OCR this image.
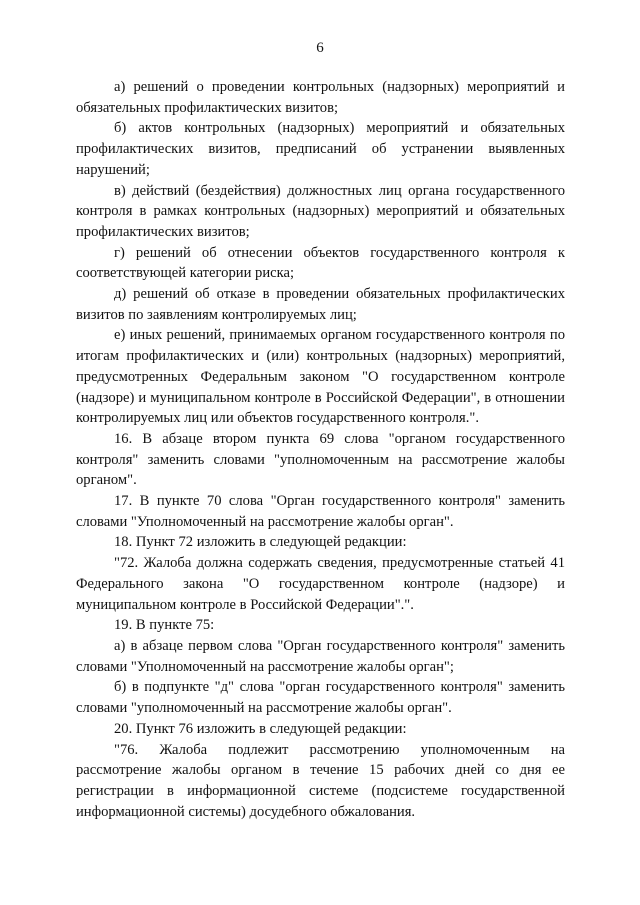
6

а) решений о проведении контрольных (надзорных) мероприятий и обязательных профилактических визитов;

б) актов контрольных (надзорных) мероприятий и обязательных профилактических визитов, предписаний об устранении выявленных нарушений;

в) действий (бездействия) должностных лиц органа государственного контроля в рамках контрольных (надзорных) мероприятий и обязательных профилактических визитов;

г) решений об отнесении объектов государственного контроля к соответствующей категории риска;

д) решений об отказе в проведении обязательных профилактических визитов по заявлениям контролируемых лиц;

е) иных решений, принимаемых органом государственного контроля по итогам профилактических и (или) контрольных (надзорных) мероприятий, предусмотренных Федеральным законом "О государственном контроле (надзоре) и муниципальном контроле в Российской Федерации", в отношении контролируемых лиц или объектов государственного контроля.".

16. В абзаце втором пункта 69 слова "органом государственного контроля" заменить словами "уполномоченным на рассмотрение жалобы органом".

17. В пункте 70 слова "Орган государственного контроля" заменить словами "Уполномоченный на рассмотрение жалобы орган".

18. Пункт 72 изложить в следующей редакции:

"72. Жалоба должна содержать сведения, предусмотренные статьей 41 Федерального закона "О государственном контроле (надзоре) и муниципальном контроле в Российской Федерации".".

19. В пункте 75:

а) в абзаце первом слова "Орган государственного контроля" заменить словами "Уполномоченный на рассмотрение жалобы орган";

б) в подпункте "д" слова "орган государственного контроля" заменить словами "уполномоченный на рассмотрение жалобы орган".

20. Пункт 76 изложить в следующей редакции:

"76. Жалоба подлежит рассмотрению уполномоченным на рассмотрение жалобы органом в течение 15 рабочих дней со дня ее регистрации в информационной системе (подсистеме государственной информационной системы) досудебного обжалования.
